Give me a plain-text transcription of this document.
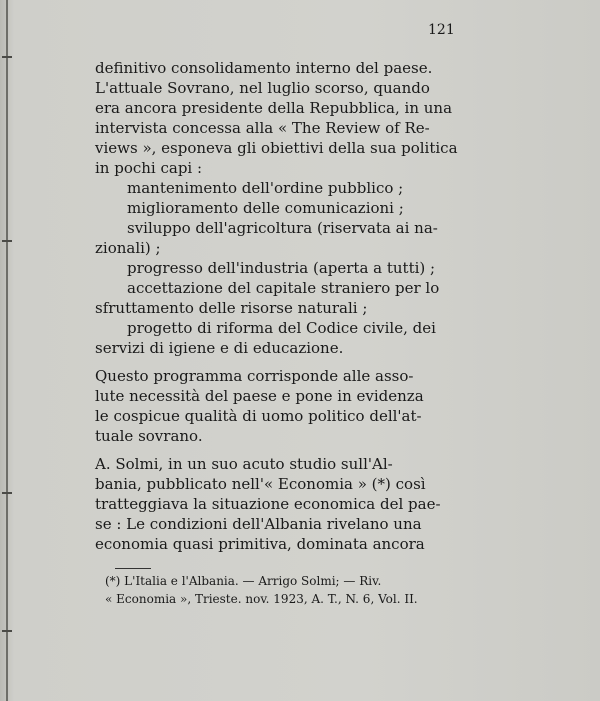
121
definitivo consolidamento interno del paese.
L'attuale Sovrano, nel luglio scorso, quando
era ancora presidente della Repubblica, in una
intervista concessa alla « The Review of Re-
views », esponeva gli obiettivi della sua politica
in pochi capi :
mantenimento dell'ordine pubblico ;
miglioramento delle comunicazioni ;
sviluppo dell'agricoltura (riservata ai na-
zionali) ;
progresso dell'industria (aperta a tutti) ;
accettazione del capitale straniero per lo
sfruttamento delle risorse naturali ;
progetto di riforma del Codice civile, dei
servizi di igiene e di educazione.
Questo programma corrisponde alle asso-
lute necessità del paese e pone in evidenza
le cospicue qualità di uomo politico dell'at-
tuale sovrano.
A. Solmi, in un suo acuto studio sull'Al-
bania, pubblicato nell'« Economia » (*) così
tratteggiava la situazione economica del pae-
se : Le condizioni dell'Albania rivelano una
economia quasi primitiva, dominata ancora
(*) L'Italia e l'Albania. — Arrigo Solmi; — Riv.
« Economia », Trieste. nov. 1923, A. T., N. 6, Vol. II.
